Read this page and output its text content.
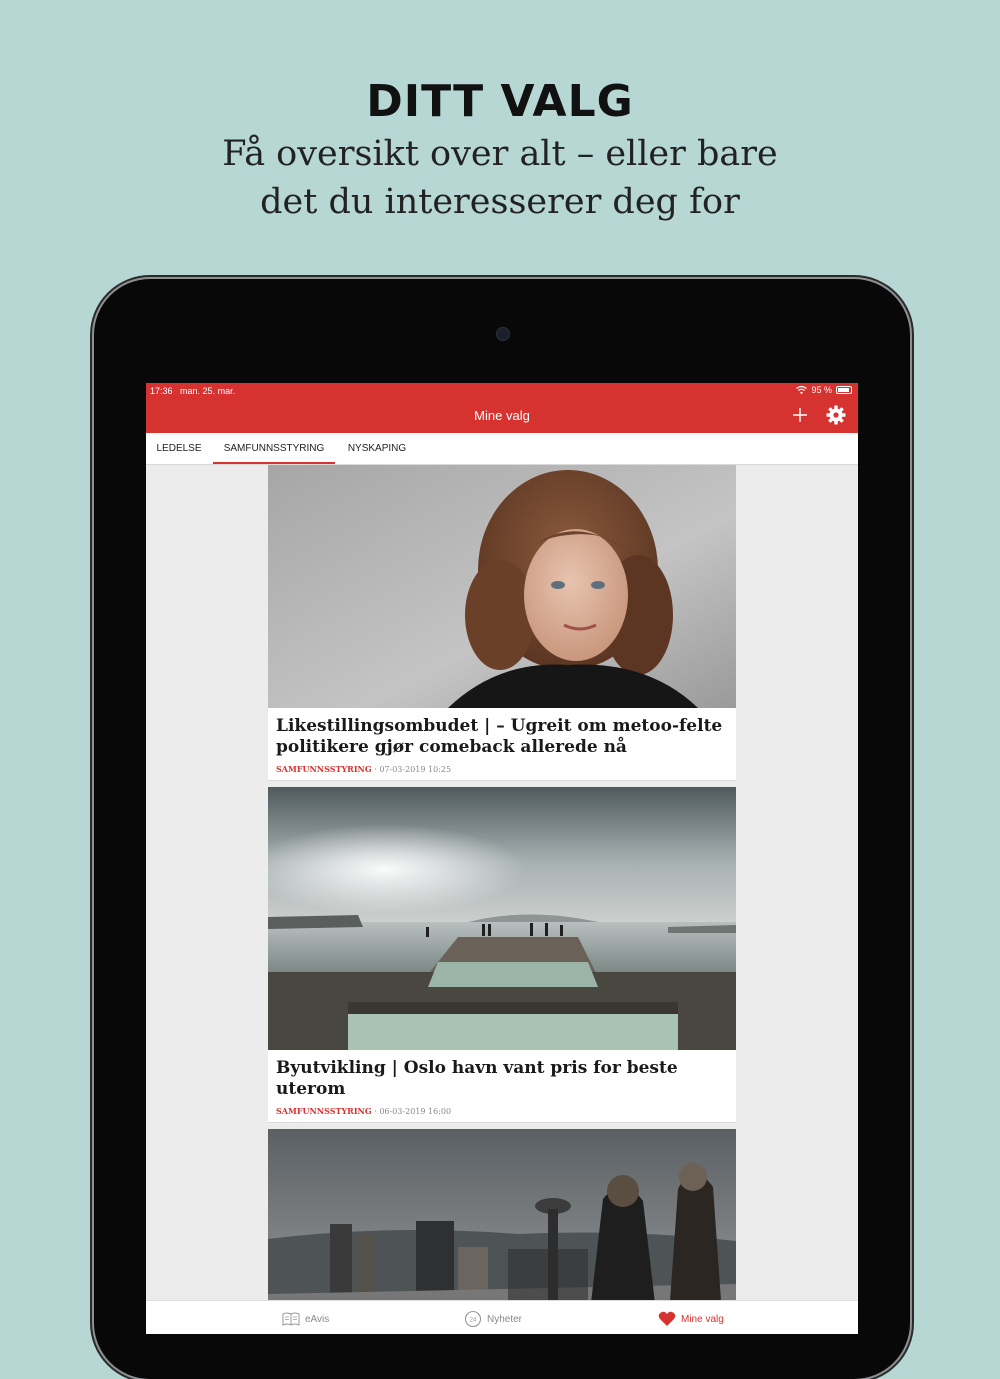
DITT VALG
Få oversikt over alt – eller bare
det du interesserer deg for
17:36 man. 25. mar.	95 %
Mine valg
LEDELSE	SAMFUNNSSTYRING	NYSKAPING
Likestillingsombudet | – Ugreit om metoo-felte politikere gjør comeback allerede nå
SAMFUNNSSTYRING · 07-03-2019 10:25
Byutvikling | Oslo havn vant pris for beste uterom
SAMFUNNSSTYRING · 06-03-2019 16:00
eAvis	24 Nyheter	Mine valg
